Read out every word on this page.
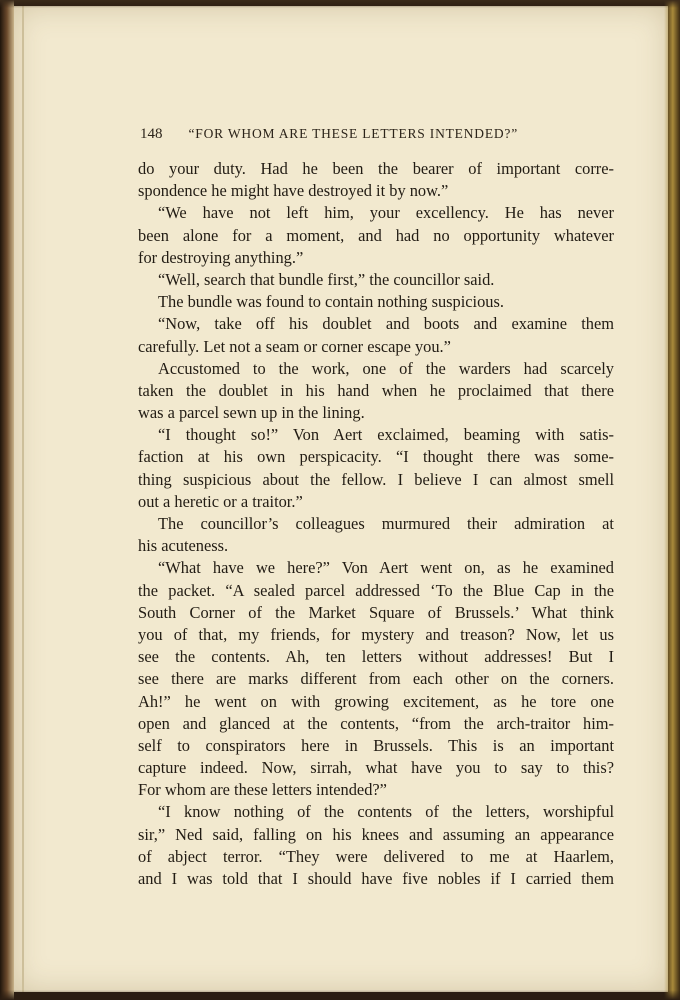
148 “FOR WHOM ARE THESE LETTERS INTENDED?”
do your duty. Had he been the bearer of important corre-
spondence he might have destroyed it by now.”
“We have not left him, your excellency. He has never
been alone for a moment, and had no opportunity whatever
for destroying anything.”
“Well, search that bundle first,” the councillor said.
The bundle was found to contain nothing suspicious.
“Now, take off his doublet and boots and examine them
carefully. Let not a seam or corner escape you.”
Accustomed to the work, one of the warders had scarcely
taken the doublet in his hand when he proclaimed that there
was a parcel sewn up in the lining.
“I thought so!” Von Aert exclaimed, beaming with satis-
faction at his own perspicacity. “I thought there was some-
thing suspicious about the fellow. I believe I can almost smell
out a heretic or a traitor.”
The councillor’s colleagues murmured their admiration at
his acuteness.
“What have we here?” Von Aert went on, as he examined
the packet. “A sealed parcel addressed ‘To the Blue Cap in the
South Corner of the Market Square of Brussels.’ What think
you of that, my friends, for mystery and treason? Now, let us
see the contents. Ah, ten letters without addresses! But I
see there are marks different from each other on the corners.
Ah!” he went on with growing excitement, as he tore one
open and glanced at the contents, “from the arch-traitor him-
self to conspirators here in Brussels. This is an important
capture indeed. Now, sirrah, what have you to say to this?
For whom are these letters intended?”
“I know nothing of the contents of the letters, worshipful
sir,” Ned said, falling on his knees and assuming an appearance
of abject terror. “They were delivered to me at Haarlem,
and I was told that I should have five nobles if I carried them
